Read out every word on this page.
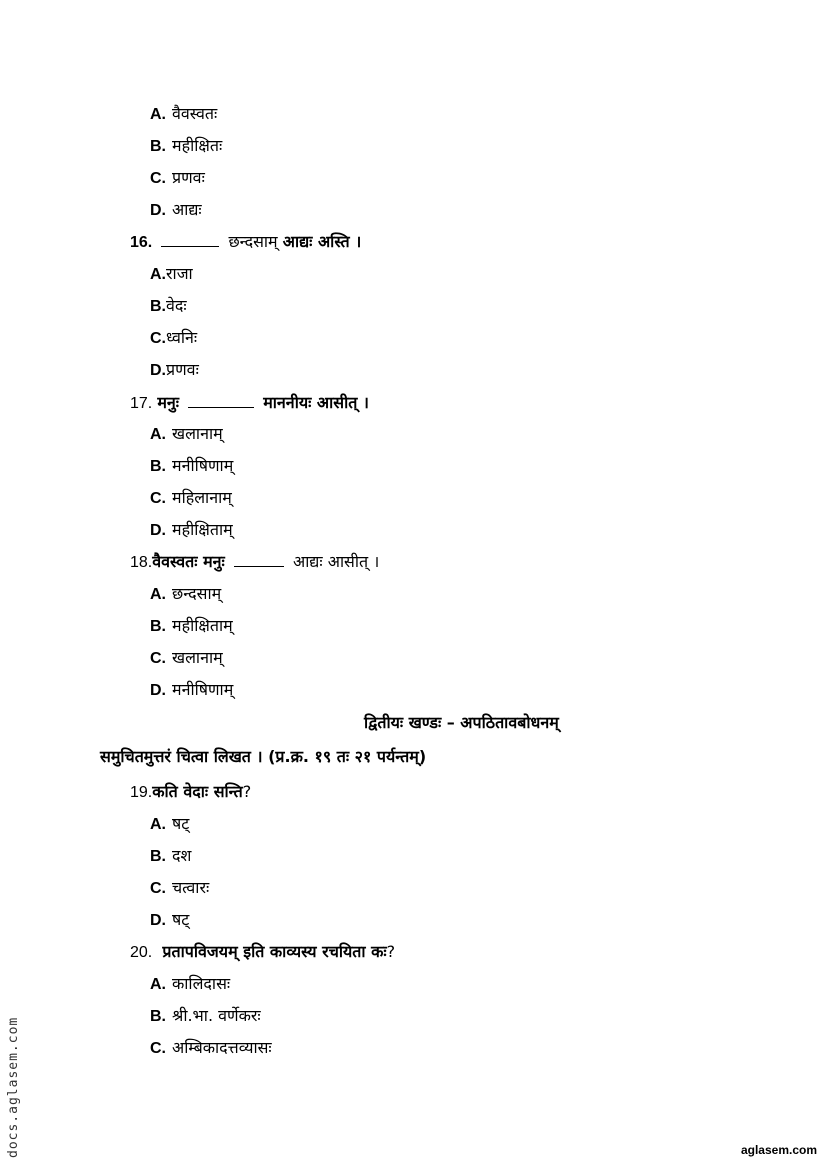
A. वैवस्वतः
B. महीक्षितः
C. प्रणवः
D. आद्यः
16.	छन्दसाम् आद्यः अस्ति ।
A.राजा
B.वेदः
C.ध्वनिः
D.प्रणवः
17. मनुः	माननीयः आसीत् ।
A. खलानाम्
B. मनीषिणाम्
C. महिलानाम्
D. महीक्षिताम्
18.वैवस्वतः मनुः	आद्यः आसीत् ।
A. छन्दसाम्
B. महीक्षिताम्
C. खलानाम्
D. मनीषिणाम्
द्वितीयः खण्डः – अपठितावबोधनम्
समुचितमुत्तरं चित्वा लिखत । (प्र.क्र. १९ तः २१ पर्यन्तम्)
19.कति वेदाः सन्ति?
A. षट्
B. दश
C. चत्वारः
D. षट्
20. प्रतापविजयम् इति काव्यस्य रचयिता कः?
A. कालिदासः
B. श्री.भा. वर्णेकरः
C. अम्बिकादत्तव्यासः
docs.aglasem.com	aglasem.com
